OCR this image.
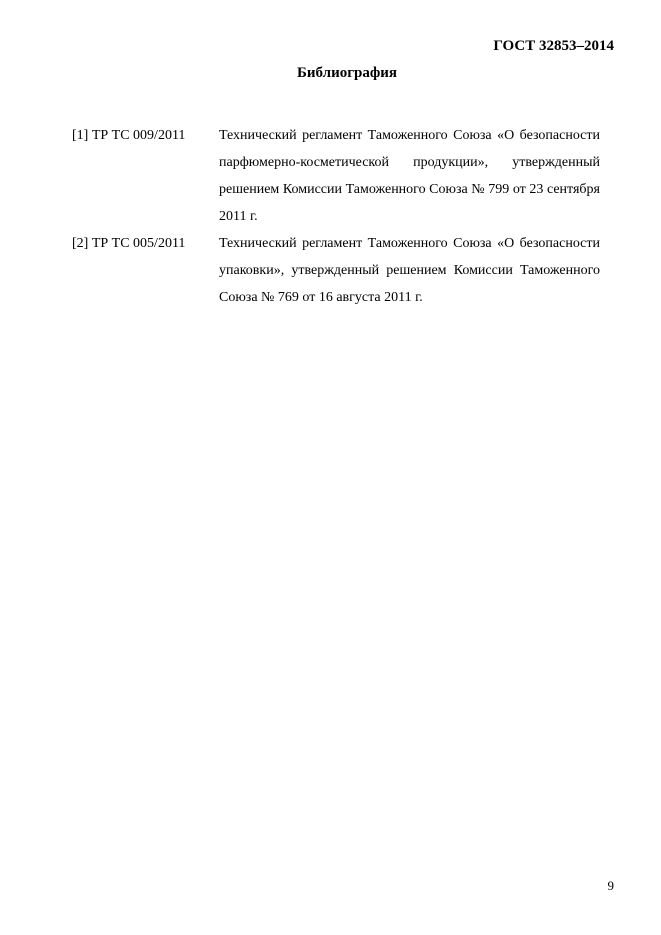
ГОСТ 32853–2014
Библиография
[1] ТР ТС 009/2011	Технический регламент Таможенного Союза «О безопасности парфюмерно-косметической продукции», утвержденный решением Комиссии Таможенного Союза № 799 от 23 сентября 2011 г.
[2] ТР ТС 005/2011	Технический регламент Таможенного Союза «О безопасности упаковки», утвержденный решением Комиссии Таможенного Союза № 769 от 16 августа 2011 г.
9
